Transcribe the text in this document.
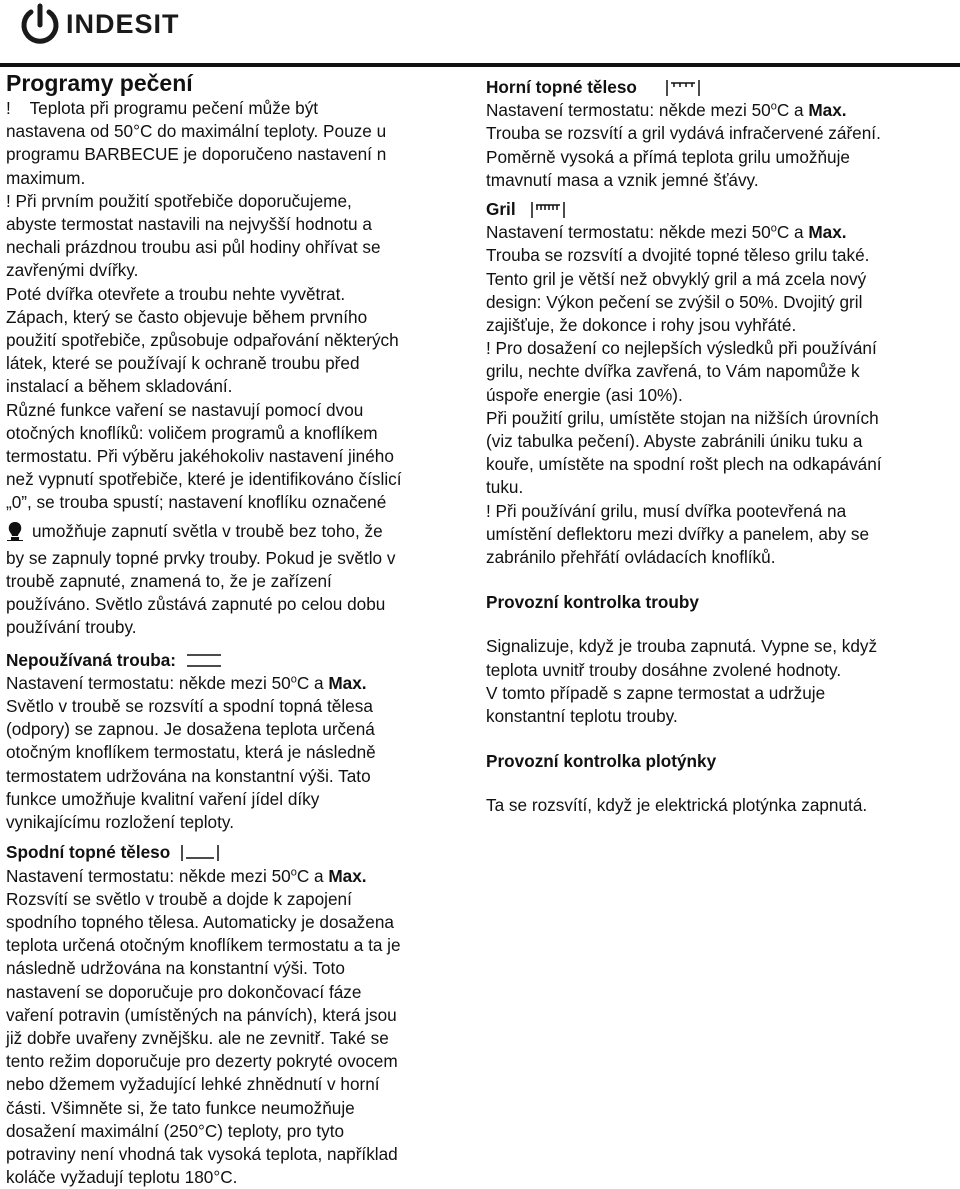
INDESIT
Programy pečení

!    Teplota při programu pečení může být

nastavena od 50°C do maximální teploty. Pouze u

programu BARBECUE je doporučeno nastavení n

maximum.

! Při prvním použití spotřebiče doporučujeme,

abyste termostat nastavili na nejvyšší hodnotu a

nechali prázdnou troubu asi půl hodiny ohřívat se

zavřenými dvířky.

Poté dvířka otevřete a troubu nehte vyvětrat.

Zápach, který se často objevuje během prvního

použití spotřebiče, způsobuje odpařování některých

látek, které se používají k ochraně troubu před

instalací a během skladování.

Různé funkce vaření se nastavují pomocí dvou

otočných knoflíků: voličem programů a knoflíkem

termostatu. Při výběru jakéhokoliv nastavení jiného

než vypnutí spotřebiče, které je identifikováno číslicí

„0”, se trouba spustí; nastavení knoflíku označené

umožňuje zapnutí světla v troubě bez toho, že

by se zapnuly topné prvky trouby. Pokud je světlo v

troubě zapnuté, znamená to, že je zařízení

používáno. Světlo zůstává zapnuté po celou dobu

používání trouby.

Nepoužívaná trouba:

Nastavení termostatu: někde mezi 50$^o$C a Max.

Světlo v troubě se rozsvítí a spodní topná tělesa

(odpory) se zapnou. Je dosažena teplota určená

otočným knoflíkem termostatu, která je následně

termostatem udržována na konstantní výši. Tato

funkce umožňuje kvalitní vaření jídel díky

vynikajícímu rozložení teploty.

Spodní topné těleso

Nastavení termostatu: někde mezi 50$^o$C a Max.

Rozsvítí se světlo v troubě a dojde k zapojení

spodního topného tělesa. Automaticky je dosažena

teplota určená otočným knoflíkem termostatu a ta je

následně udržována na konstantní výši. Toto

nastavení se doporučuje pro dokončovací fáze

vaření potravin (umístěných na pánvích), která jsou

již dobře uvařeny zvnějšku. ale ne zevnitř. Také se

tento režim doporučuje pro dezerty pokryté ovocem

nebo džemem vyžadující lehké zhnědnutí v horní

části. Všimněte si, že tato funkce neumožňuje

dosažení maximální (250°C) teploty, pro tyto

potraviny není vhodná tak vysoká teplota, například

koláče vyžadují teplotu 180°C.

Horní topné těleso

Nastavení termostatu: někde mezi 50$^o$C a Max.

Trouba se rozsvítí a gril vydává infračervené záření.

Poměrně vysoká a přímá teplota grilu umožňuje

tmavnutí masa a vznik jemné šťávy.

Gril

Nastavení termostatu: někde mezi 50$^o$C a Max.

Trouba se rozsvítí a dvojité topné těleso grilu také.

Tento gril je větší než obvyklý gril a má zcela nový

design: Výkon pečení se zvýšil o 50%. Dvojitý gril

zajišťuje, že dokonce i rohy jsou vyhřáté.

! Pro dosažení co nejlepších výsledků při používání

grilu, nechte dvířka zavřená, to Vám napomůže k

úspoře energie (asi 10%).

Při použití grilu, umístěte stojan na nižších úrovních

(viz tabulka pečení). Abyste zabránili úniku tuku a

kouře, umístěte na spodní rošt plech na odkapávání

tuku.

! Při používání grilu, musí dvířka pootevřená na

umístění deflektoru mezi dvířky a panelem, aby se

zabránilo přehřátí ovládacích knoflíků.

Provozní kontrolka trouby

Signalizuje, když je trouba zapnutá. Vypne se, když

teplota uvnitř trouby dosáhne zvolené hodnoty.

V tomto případě s zapne termostat a udržuje

konstantní teplotu trouby.

Provozní kontrolka plotýnky

Ta se rozsvítí, když je elektrická plotýnka zapnutá.
